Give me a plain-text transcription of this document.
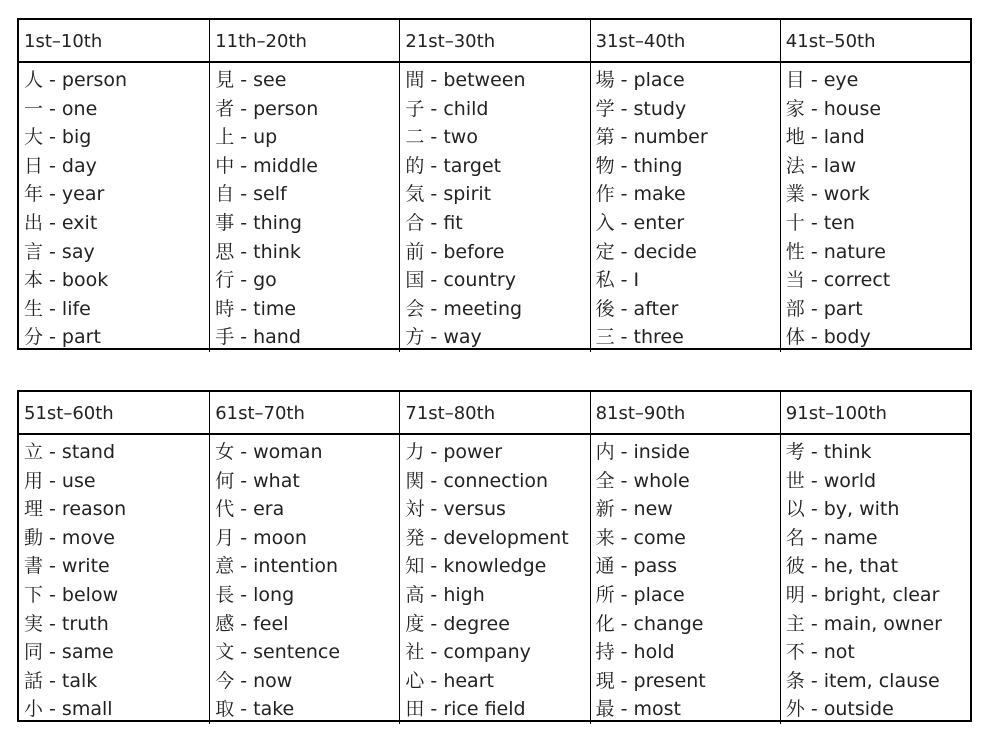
1st–10th
人 - person
一 - one
大 - big
日 - day
年 - year
出 - exit
言 - say
本 - book
生 - life
分 - part
11th–20th
見 - see
者 - person
上 - up
中 - middle
自 - self
事 - thing
思 - think
行 - go
時 - time
手 - hand
21st–30th
間 - between
子 - child
二 - two
的 - target
気 - spirit
合 - fit
前 - before
国 - country
会 - meeting
方 - way
31st–40th
場 - place
学 - study
第 - number
物 - thing
作 - make
入 - enter
定 - decide
私 - I
後 - after
三 - three
41st–50th
目 - eye
家 - house
地 - land
法 - law
業 - work
十 - ten
性 - nature
当 - correct
部 - part
体 - body
51st–60th
立 - stand
用 - use
理 - reason
動 - move
書 - write
下 - below
実 - truth
同 - same
話 - talk
小 - small
61st–70th
女 - woman
何 - what
代 - era
月 - moon
意 - intention
長 - long
感 - feel
文 - sentence
今 - now
取 - take
71st–80th
力 - power
関 - connection
対 - versus
発 - development
知 - knowledge
高 - high
度 - degree
社 - company
心 - heart
田 - rice field
81st–90th
内 - inside
全 - whole
新 - new
来 - come
通 - pass
所 - place
化 - change
持 - hold
現 - present
最 - most
91st–100th
考 - think
世 - world
以 - by, with
名 - name
彼 - he, that
明 - bright, clear
主 - main, owner
不 - not
条 - item, clause
外 - outside
